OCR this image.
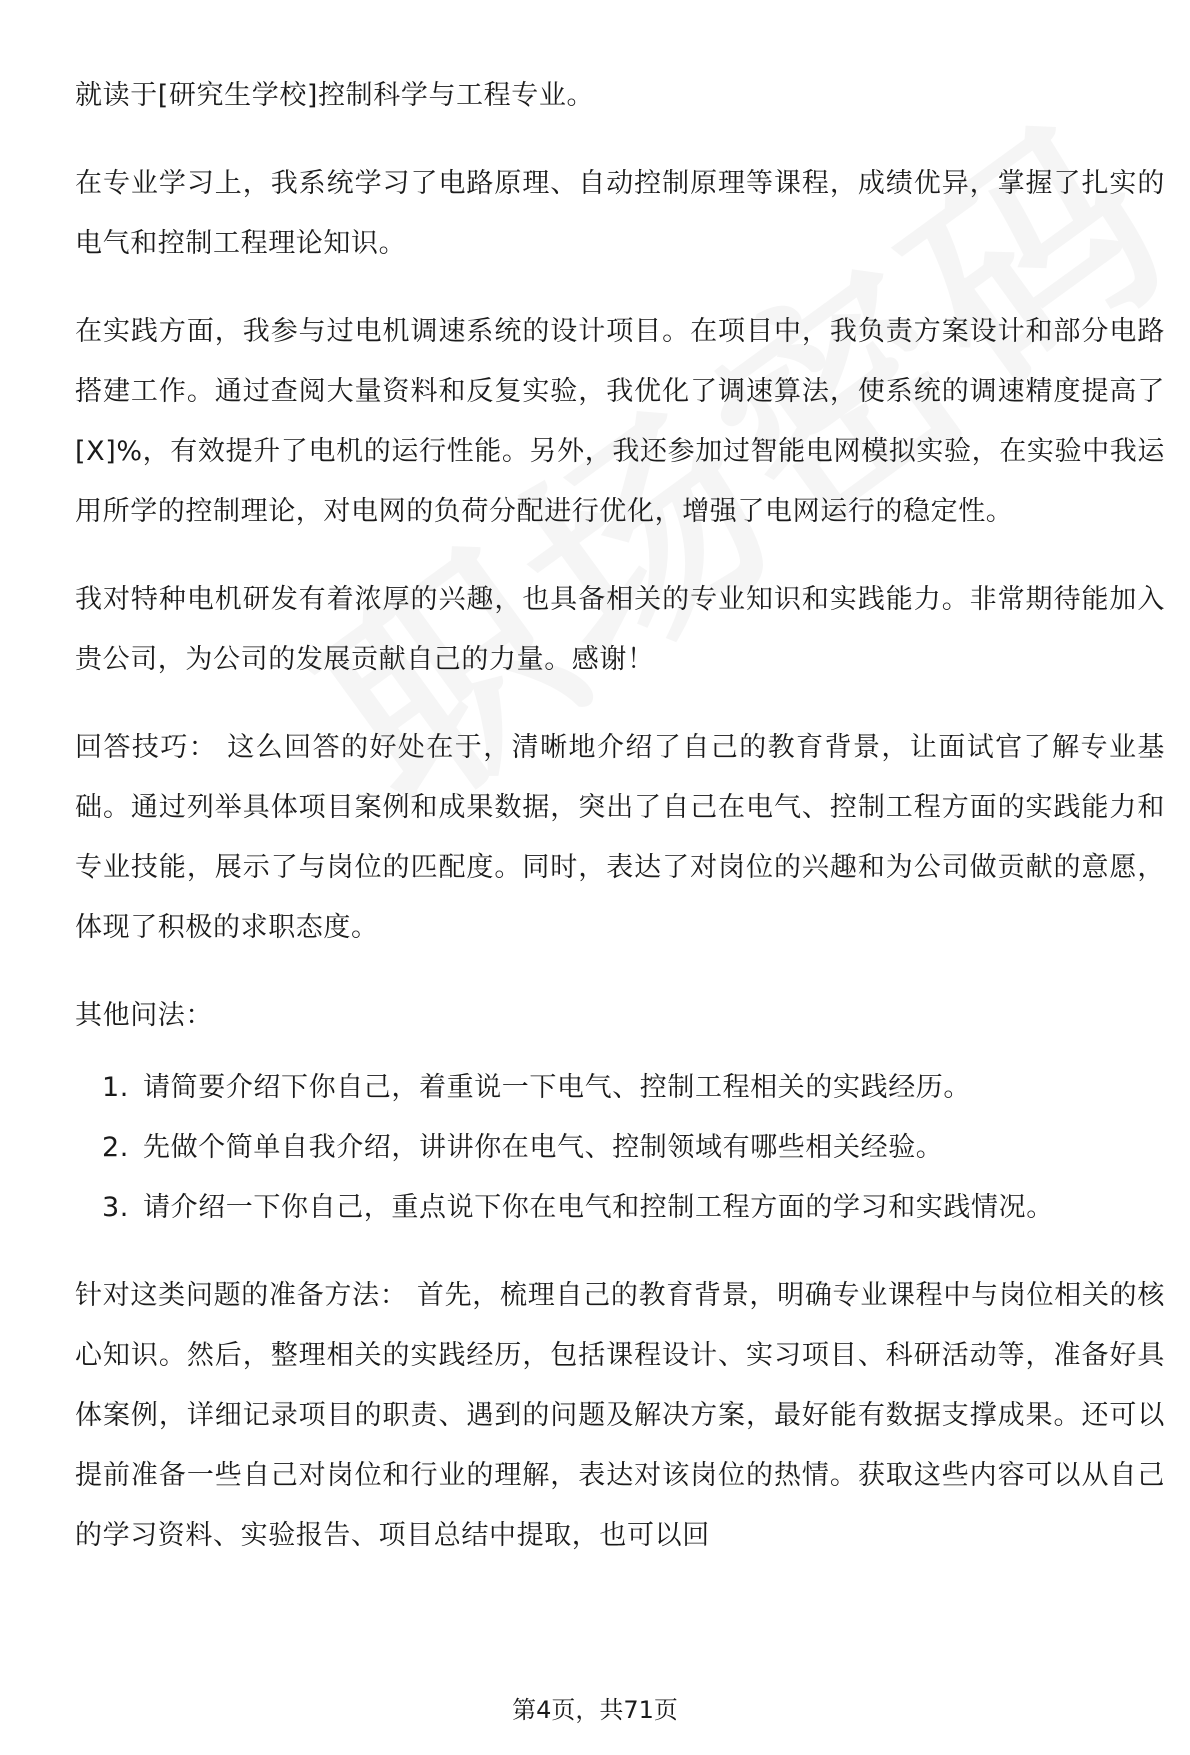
就读于[研究生学校]控制科学与工程专业。

在专业学习上，我系统学习了电路原理、自动控制原理等课程，成绩优异，掌握了扎实的电气和控制工程理论知识。

在实践方面，我参与过电机调速系统的设计项目。在项目中，我负责方案设计和部分电路搭建工作。通过查阅大量资料和反复实验，我优化了调速算法，使系统的调速精度提高了[X]%，有效提升了电机的运行性能。另外，我还参加过智能电网模拟实验，在实验中我运用所学的控制理论，对电网的负荷分配进行优化，增强了电网运行的稳定性。

我对特种电机研发有着浓厚的兴趣，也具备相关的专业知识和实践能力。非常期待能加入贵公司，为公司的发展贡献自己的力量。感谢！

回答技巧： 这么回答的好处在于，清晰地介绍了自己的教育背景，让面试官了解专业基础。通过列举具体项目案例和成果数据，突出了自己在电气、控制工程方面的实践能力和专业技能，展示了与岗位的匹配度。同时，表达了对岗位的兴趣和为公司做贡献的意愿，体现了积极的求职态度。

其他问法：

1. 请简要介绍下你自己，着重说一下电气、控制工程相关的实践经历。
2. 先做个简单自我介绍，讲讲你在电气、控制领域有哪些相关经验。
3. 请介绍一下你自己，重点说下你在电气和控制工程方面的学习和实践情况。

针对这类问题的准备方法： 首先，梳理自己的教育背景，明确专业课程中与岗位相关的核心知识。然后，整理相关的实践经历，包括课程设计、实习项目、科研活动等，准备好具体案例，详细记录项目的职责、遇到的问题及解决方案，最好能有数据支撑成果。还可以提前准备一些自己对岗位和行业的理解，表达对该岗位的热情。获取这些内容可以从自己的学习资料、实验报告、项目总结中提取，也可以回

第4页，共71页
